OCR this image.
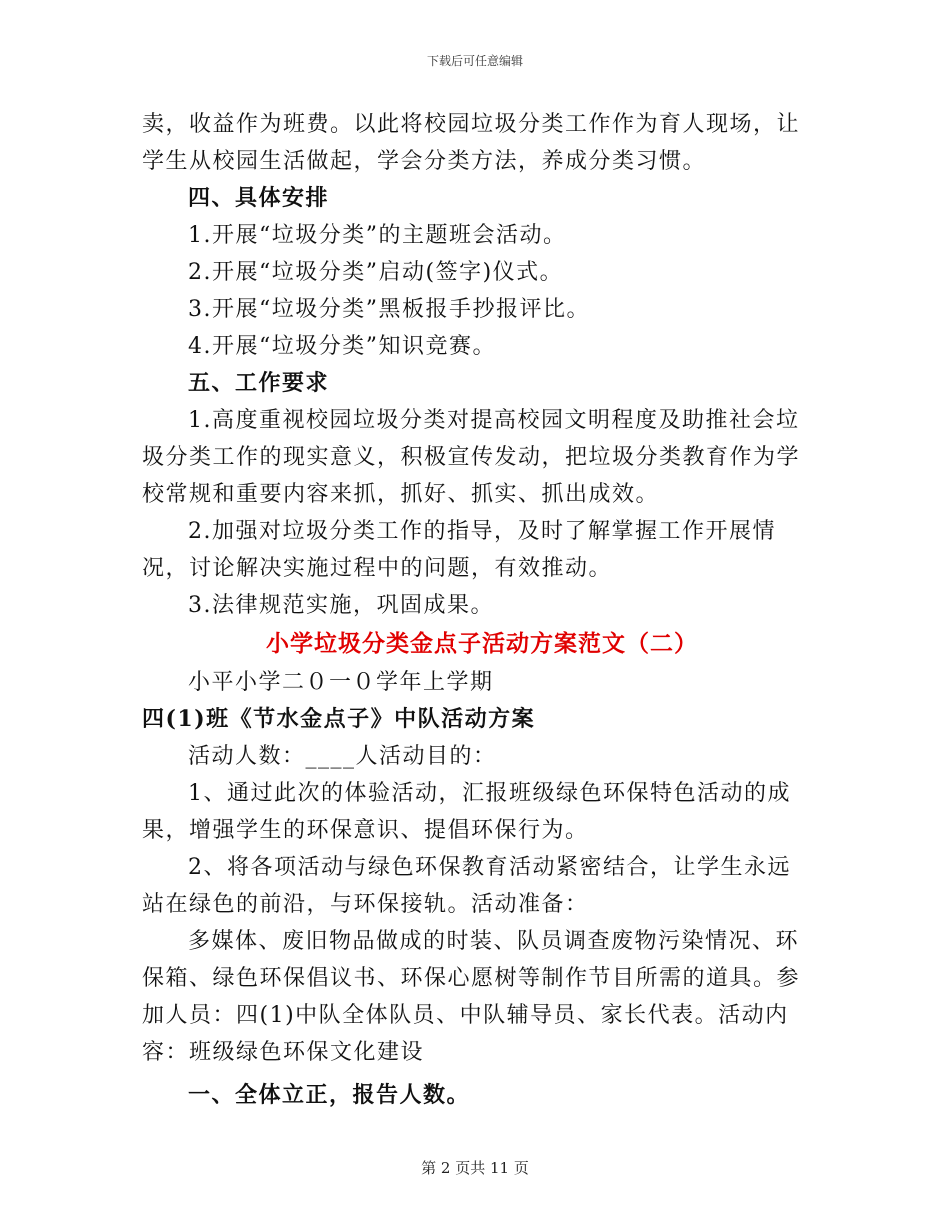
下载后可任意编辑

卖，收益作为班费。以此将校园垃圾分类工作作为育人现场，让学生从校园生活做起，学会分类方法，养成分类习惯。

四、具体安排

1.开展“垃圾分类”的主题班会活动。

2.开展“垃圾分类”启动(签字)仪式。

3.开展“垃圾分类”黑板报手抄报评比。

4.开展“垃圾分类”知识竞赛。

五、工作要求

1.高度重视校园垃圾分类对提高校园文明程度及助推社会垃圾分类工作的现实意义，积极宣传发动，把垃圾分类教育作为学校常规和重要内容来抓，抓好、抓实、抓出成效。

2.加强对垃圾分类工作的指导，及时了解掌握工作开展情况，讨论解决实施过程中的问题，有效推动。

3.法律规范实施，巩固成果。

小学垃圾分类金点子活动方案范文（二）

小平小学二０一０学年上学期

四(1)班《节水金点子》中队活动方案

活动人数：____人活动目的：

1、通过此次的体验活动，汇报班级绿色环保特色活动的成果，增强学生的环保意识、提倡环保行为。

2、将各项活动与绿色环保教育活动紧密结合，让学生永远站在绿色的前沿，与环保接轨。活动准备：

多媒体、废旧物品做成的时装、队员调查废物污染情况、环保箱、绿色环保倡议书、环保心愿树等制作节目所需的道具。参加人员：四(1)中队全体队员、中队辅导员、家长代表。活动内容：班级绿色环保文化建设

一、全体立正，报告人数。

第 2 页共 11 页
